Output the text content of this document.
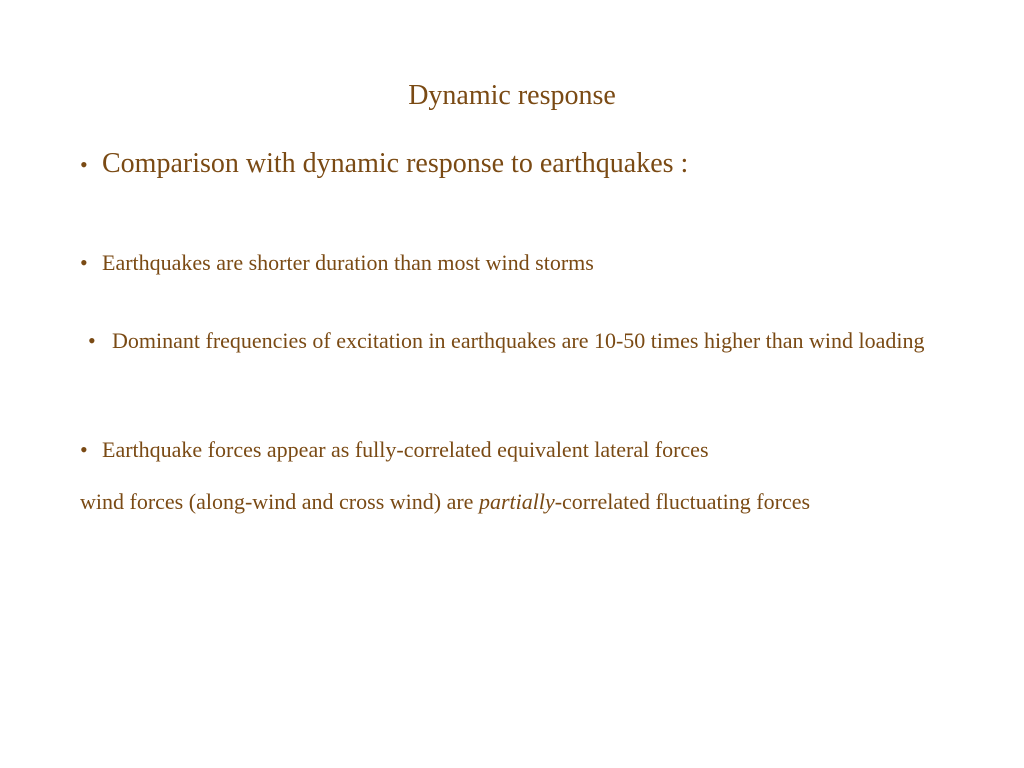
Dynamic response
• Comparison with dynamic response to earthquakes :
• Earthquakes are shorter duration than most wind storms
• Dominant frequencies of excitation in earthquakes are 10-50 times higher than wind loading
• Earthquake forces appear as fully-correlated equivalent lateral forces
wind forces (along-wind and cross wind) are partially-correlated fluctuating forces
